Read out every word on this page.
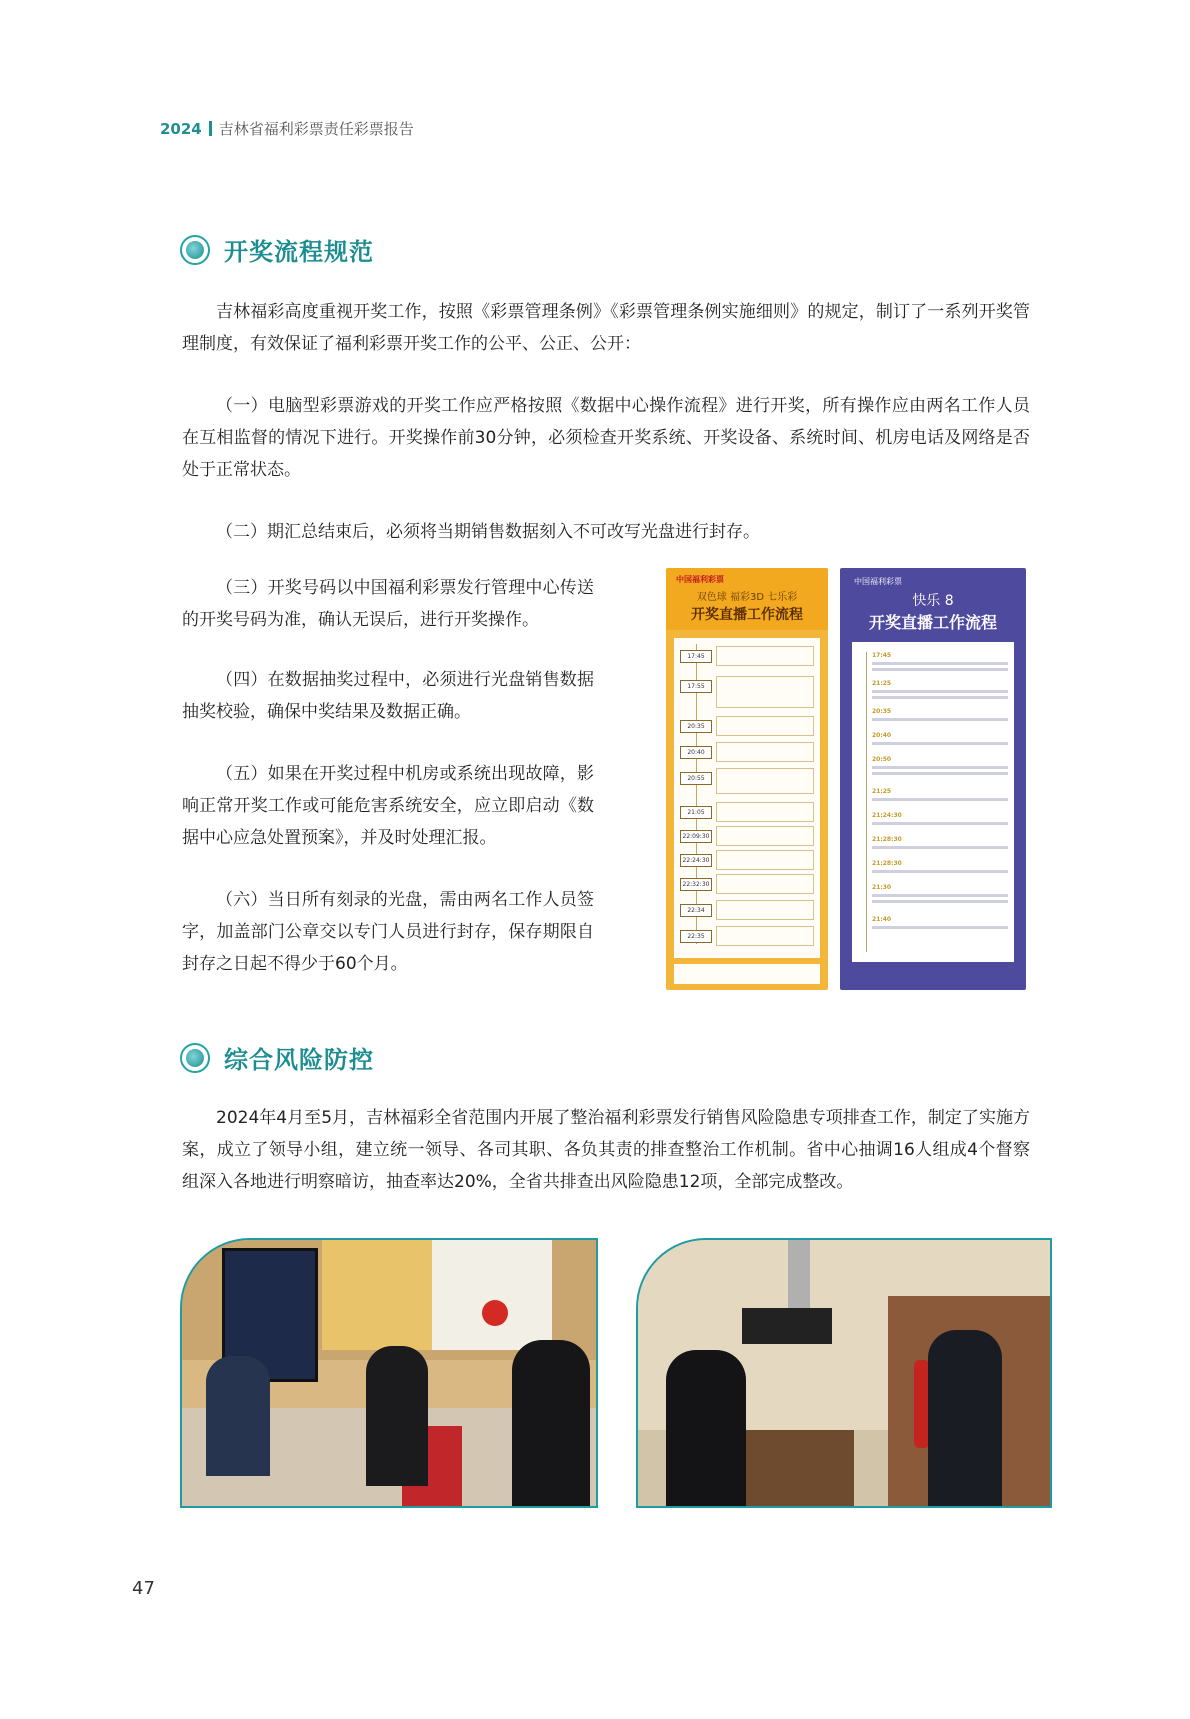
2024 吉林省福利彩票责任彩票报告
开奖流程规范

吉林福彩高度重视开奖工作，按照《彩票管理条例》《彩票管理条例实施细则》的规定，制订了一系列开奖管理制度，有效保证了福利彩票开奖工作的公平、公正、公开：

（一）电脑型彩票游戏的开奖工作应严格按照《数据中心操作流程》进行开奖，所有操作应由两名工作人员在互相监督的情况下进行。开奖操作前30分钟，必须检查开奖系统、开奖设备、系统时间、机房电话及网络是否处于正常状态。

（二）期汇总结束后，必须将当期销售数据刻入不可改写光盘进行封存。

（三）开奖号码以中国福利彩票发行管理中心传送的开奖号码为准，确认无误后，进行开奖操作。

（四）在数据抽奖过程中，必须进行光盘销售数据抽奖校验，确保中奖结果及数据正确。

（五）如果在开奖过程中机房或系统出现故障，影响正常开奖工作或可能危害系统安全，应立即启动《数据中心应急处置预案》，并及时处理汇报。

（六）当日所有刻录的光盘，需由两名工作人员签字，加盖部门公章交以专门人员进行封存，保存期限自封存之日起不得少于60个月。

中国福利彩票
双色球 福彩3D 七乐彩
开奖直播工作流程
17:45
17:55
20:35
20:40
20:55
21:05
22:09:30
22:24:30
22:32:30
22:34
22:35
中国福利彩票
快乐 8
开奖直播工作流程
17:45
21:25
20:35
20:40
20:50
21:25
21:24:30
21:28:30
21:28:30
21:30
21:40
综合风险防控

2024年4月至5月，吉林福彩全省范围内开展了整治福利彩票发行销售风险隐患专项排查工作，制定了实施方案，成立了领导小组，建立统一领导、各司其职、各负其责的排查整治工作机制。省中心抽调16人组成4个督察组深入各地进行明察暗访，抽查率达20%，全省共排查出风险隐患12项，全部完成整改。

47
